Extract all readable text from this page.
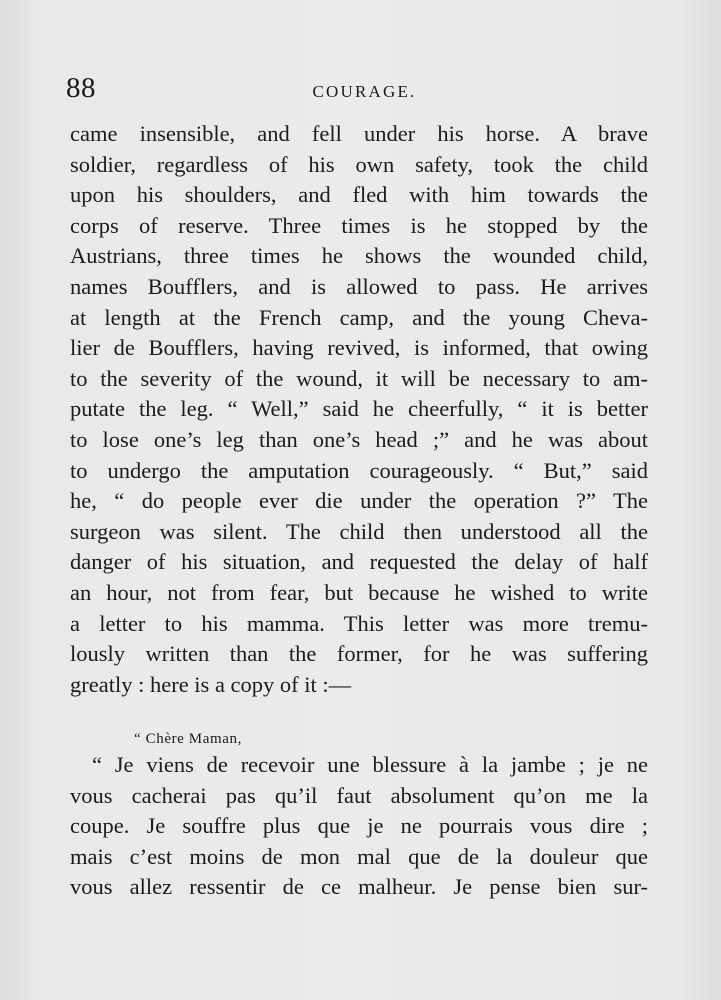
88	COURAGE.
came insensible, and fell under his horse. A brave
soldier, regardless of his own safety, took the child
upon his shoulders, and fled with him towards the
corps of reserve. Three times is he stopped by the
Austrians, three times he shows the wounded child,
names Boufflers, and is allowed to pass. He arrives
at length at the French camp, and the young Cheva-
lier de Boufflers, having revived, is informed, that owing
to the severity of the wound, it will be necessary to am-
putate the leg. “ Well,” said he cheerfully, “ it is better
to lose one’s leg than one’s head ;” and he was about
to undergo the amputation courageously. “ But,” said
he, “ do people ever die under the operation ?” The
surgeon was silent. The child then understood all the
danger of his situation, and requested the delay of half
an hour, not from fear, but because he wished to write
a letter to his mamma. This letter was more tremu-
lously written than the former, for he was suffering
greatly : here is a copy of it :—
“ Chère Maman,
“ Je viens de recevoir une blessure à la jambe ; je ne
vous cacherai pas qu’il faut absolument qu’on me la
coupe. Je souffre plus que je ne pourrais vous dire ;
mais c’est moins de mon mal que de la douleur que
vous allez ressentir de ce malheur. Je pense bien sur-
